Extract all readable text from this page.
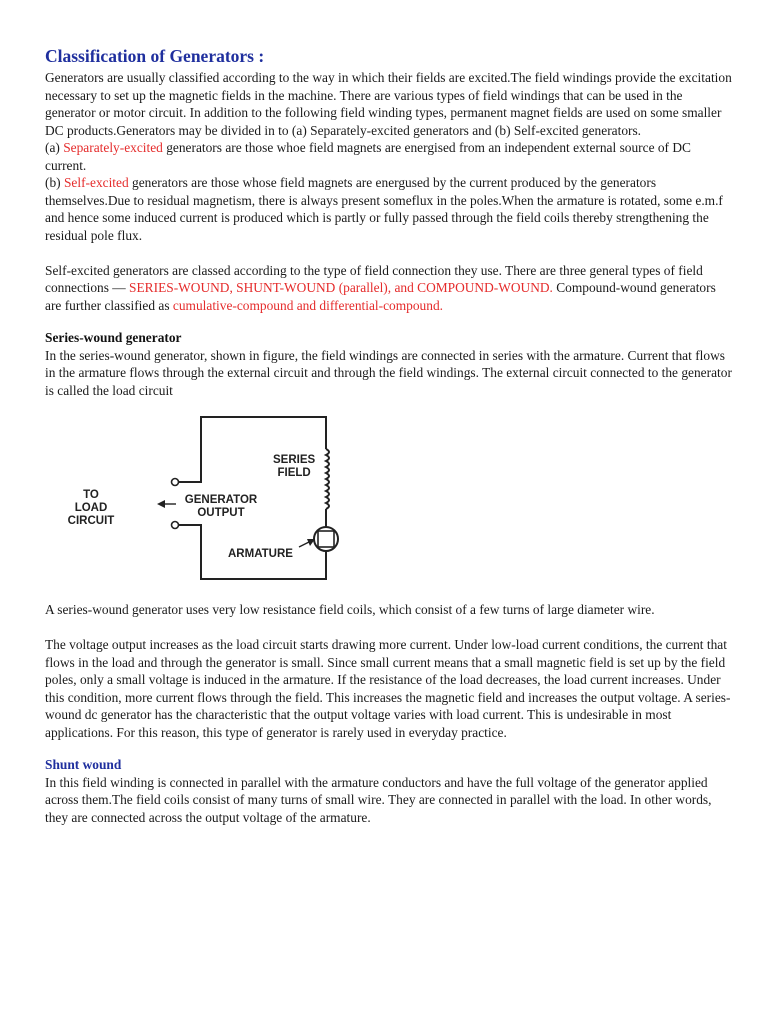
Classification of Generators :

Generators are usually classified according to the way in which their fields are excited.The field windings provide the excitation necessary to set up the magnetic fields in the machine. There are various types of field windings that can be used in the generator or motor circuit. In addition to the following field winding types, permanent magnet fields are used on some smaller DC products.Generators may be divided in to (a) Separately-excited generators and (b) Self-excited generators.

(a) Separately-excited generators are those whoe field magnets are energised from an independent external source of DC current.

(b) Self-excited generators are those whose field magnets are energused by the current produced by the generators themselves.Due to residual magnetism, there is always present someflux in the poles.When the armature is rotated, some e.m.f and hence some induced current is produced which is partly or fully passed through the field coils thereby strengthening the residual pole flux.

Self-excited generators are classed according to the type of field connection they use. There are three general types of field connections — SERIES-WOUND, SHUNT-WOUND (parallel), and COMPOUND-WOUND. Compound-wound generators are further classified as cumulative-compound and differential-compound.

Series-wound generator

In the series-wound generator, shown in figure, the field windings are connected in series with the armature. Current that flows in the armature flows through the external circuit and through the field windings. The external circuit connected to the generator is called the load circuit

SERIES
FIELD
TO
LOAD
CIRCUIT
GENERATOR
OUTPUT
ARMATURE

A series-wound generator uses very low resistance field coils, which consist of a few turns of large diameter wire.

The voltage output increases as the load circuit starts drawing more current. Under low-load current conditions, the current that flows in the load and through the generator is small. Since small current means that a small magnetic field is set up by the field poles, only a small voltage is induced in the armature. If the resistance of the load decreases, the load current increases. Under this condition, more current flows through the field. This increases the magnetic field and increases the output voltage. A series-wound dc generator has the characteristic that the output voltage varies with load current. This is undesirable in most applications. For this reason, this type of generator is rarely used in everyday practice.

Shunt wound

In this field winding is connected in parallel with the armature conductors and have the full voltage of the generator applied across them.The field coils consist of many turns of small wire. They are connected in parallel with the load. In other words, they are connected across the output voltage of the armature.
